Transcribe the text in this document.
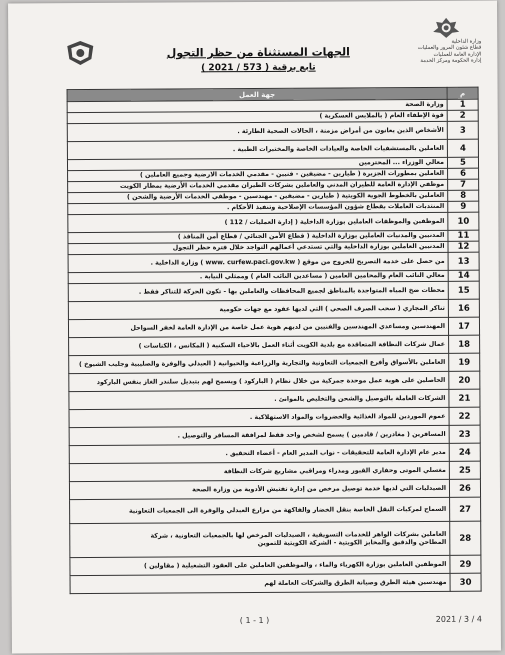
وزارة الداخلية
قطاع شئون المرور والعمليات
الإدارة العامة للعمليات
إدارة الحكومة ومركز الخدمة
الجهات المستثناة من حظر التجول
تابع برقية ( 573 / 2021 )
م	جهة العمل
1	وزارة الصحة

2	قوة الإطفاء العام ( بالملابس العسكرية )

3	الأشخاص الذين يعانون من أمراض مزمنة ، الحالات الصحية الطارئة .

4	العاملين بالمستشفيات الخاصة والعيادات الخاصة والمختبرات الطبية .

5	معالي الوزراء ... المحترمين

6	العاملين بمطورات الجزيرة ( طيارين - مضيفين - فنيين - مقدمي الخدمات الارضية وجميع العاملين )

7	موظفي الإدارة العامة للطيران المدني والعاملين بشركات الطيران مقدمي الخدمات الأرضية بمطار الكويت

8	العاملين بالخطوط الجوية الكويتية ( طيارين - مضيفين - مهندسين - موظفي الخدمات الأرضية والشحن )

9	المنتدبات العاملات بقطاع شؤون المؤسسات الإصلاحية وتنفيذ الأحكام .

10	الموظفين والموظفات العاملين بوزارة الداخلية ( إدارة العمليات / 112 )

11	المدنيين والمدنيات العاملين بوزارة الداخلية ( قطاع الأمن الجنائي / قطاع أمن المنافذ )

12	المدنيين العاملين بوزارة الداخلية والتي تستدعي أعمالهم التواجد خلال فترة حظر التجول

13	من حصل على خدمة التصريح للخروج من موقع ( www. curfew.paci.gov.kw ) وزارة الداخلية .

14	معالي النائب العام والمحامين العامين ( مساعدين النائب العام ) وممثلي النيابة .

15	محطات ضخ المياه المتواجدة بالمناطق لجميع المحافظات والعاملين بها - تكون الحركة للتناكر فقط .

16	تناكر المجاري ( سحب الصرف الصحي ) التي لديها عقود مع جهات حكومية

17	المهندسين ومساعدي المهندسين والفنيين من لديهم هوية عمل خاصة من الإدارة العامة لخفر السواحل

18	عمال شركات النظافة المتعاقدة مع بلدية الكويت أثناء العمل بالاحياء السكنية ( المكانس ، الكناسات )

19	العاملين بالأسواق وأفرع الجمعيات التعاونية والتجارية والزراعية والحيوانية ( العبدلي والوفرة والصليبية وجليب الشيوخ )

20	الحاصلين على هوية عمل موحدة جمركية من خلال نظام ( الباركود ) ويسمح لهم بتبديل سلندر الغاز بنفس الباركود

21	الشركات العاملة بالتوصيل والشحن والتخليص بالموانئ .

22	عموم الموردين للمواد الغذائية والخضروات والمواد الاستهلاكية .

23	المسافرين ( مغادرين / قادمين ) يسمح لشخص واحد فقط لمرافقة المسافر والتوصيل .

24	مدير عام الإدارة العامة للتحقيقات - نواب المدير العام - أعضاء التحقيق .

25	مغسلي الموتى وحفاري القبور ومدراء ومراقبي مشاريع شركات النظافة

26	الصيدليات التي لديها خدمة توصيل مرخص من إدارة تفتيش الأدوية من وزارة الصحة

27	السماح لمركبات النقل الخاصة بنقل الخضار والفاكهة من مزارع العبدلي والوفرة الى الجمعيات التعاونية

28	العاملين بشركات الواهر للخدمات التسويقية ، الصيدليات المرخص لها بالجمعيات التعاونية ، شركة
المطاحن والدقيق والمخابز الكويتية - الشركة الكويتية للتموين

29	الموظفين العاملين بوزارة الكهرباء والماء ، والموظفين العاملين على العقود التشغيلية ( مقاولين )

30	مهندسين هيئة الطرق وصيانة الطرق والشركات العاملة لهم
( 1 - 1 )	2021 / 3 / 4
